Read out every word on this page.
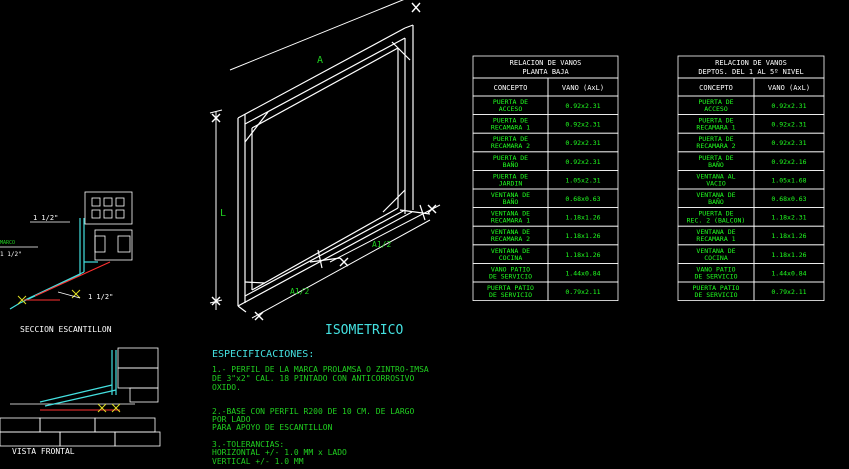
A
L
A1/2
A1/2
ISOMETRICO
1 1/2"
1 1/2"
MARCO
1 1/2"
SECCION ESCANTILLON
VISTA FRONTAL
ESPECIFICACIONES:
1.- PERFIL DE LA MARCA PROLAMSA O ZINTRO-IMSA
DE 3"x2" CAL. 18 PINTADO CON ANTICORROSIVO
OXIDO.
2.-BASE CON PERFIL R200 DE 10 CM. DE LARGO
POR LADO
PARA APOYO DE ESCANTILLON
3.-TOLERANCIAS:
HORIZONTAL +/- 1.0 MM x LADO
VERTICAL +/- 1.0 MM
RELACION DE VANOS
PLANTA BAJA
CONCEPTO	VANO (AxL)
PUERTA DE
ACCESO	0.92x2.31
PUERTA DE
RECAMARA 1	0.92x2.31
PUERTA DE
RECAMARA 2	0.92x2.31
PUERTA DE
BAÑO	0.92x2.31
PUERTA DE
JARDIN	1.05x2.31
VENTANA DE
BAÑO	0.68x0.63
VENTANA DE
RECAMARA 1	1.18x1.26
VENTANA DE
RECAMARA 2	1.18x1.26
VENTANA DE
COCINA	1.18x1.26
VANO PATIO
DE SERVICIO	1.44x0.84
PUERTA PATIO
DE SERVICIO	0.79x2.11
RELACION DE VANOS
DEPTOS. DEL 1 AL 5º NIVEL
CONCEPTO	VANO (AxL)
PUERTA DE
ACCESO	0.92x2.31
PUERTA DE
RECAMARA 1	0.92x2.31
PUERTA DE
RECAMARA 2	0.92x2.31
PUERTA DE
BAÑO	0.92x2.16
VENTANA AL
VACIO	1.05x1.68
VENTANA DE
BAÑO	0.68x0.63
PUERTA DE
REC. 2 (BALCON)	1.18x2.31
VENTANA DE
RECAMARA 1	1.18x1.26
VENTANA DE
COCINA	1.18x1.26
VANO PATIO
DE SERVICIO	1.44x0.84
PUERTA PATIO
DE SERVICIO	0.79x2.11
